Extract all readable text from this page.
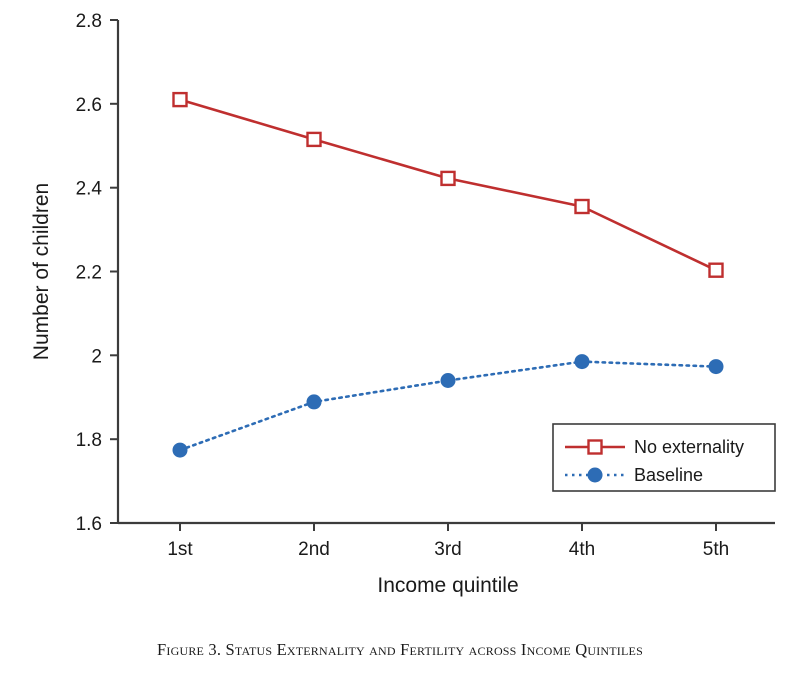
1.6
1.8
2
2.2
2.4
2.6
2.8
1st	2nd	3rd	4th	5th
Income quintile
Number of children
No externality
Baseline
Figure 3. Status Externality and Fertility across Income Quintiles
